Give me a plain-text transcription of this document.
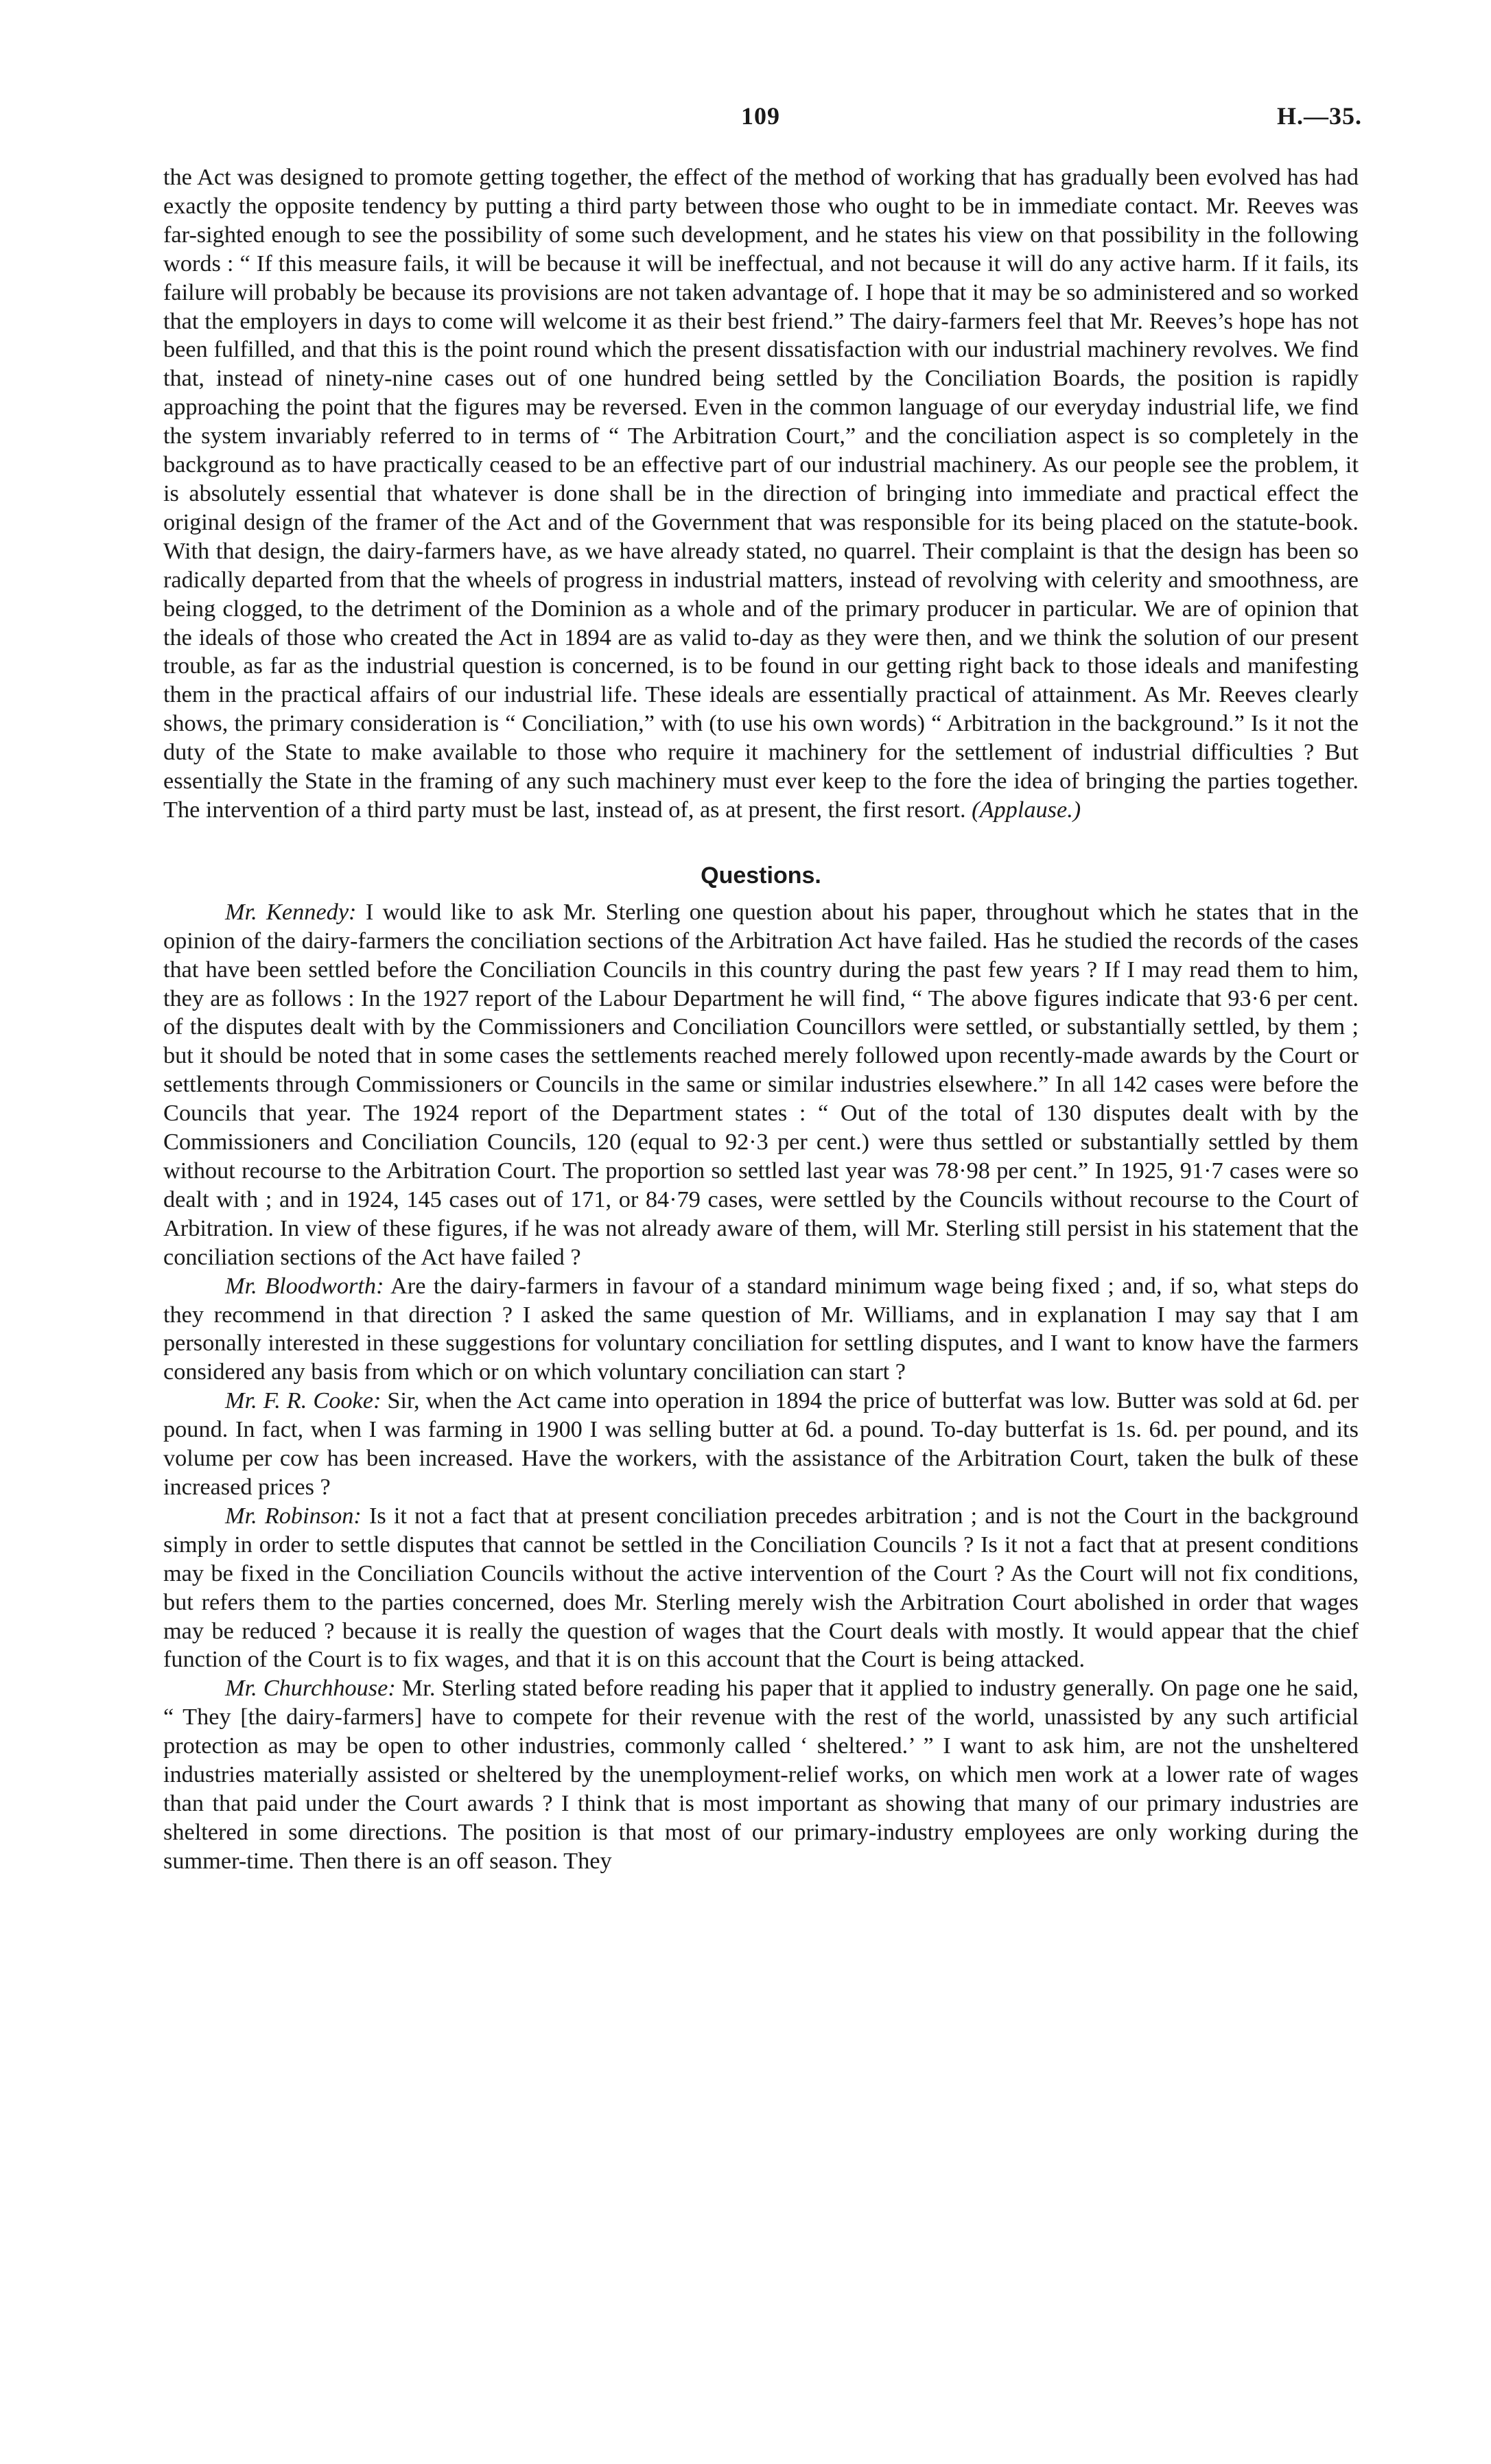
109	H.—35.

the Act was designed to promote getting together, the effect of the method of working that has gradually been evolved has had exactly the opposite tendency by putting a third party between those who ought to be in immediate contact. Mr. Reeves was far-sighted enough to see the possibility of some such development, and he states his view on that possibility in the following words : “ If this measure fails, it will be because it will be ineffectual, and not because it will do any active harm. If it fails, its failure will probably be because its provisions are not taken advantage of. I hope that it may be so administered and so worked that the employers in days to come will welcome it as their best friend.” The dairy-farmers feel that Mr. Reeves’s hope has not been fulfilled, and that this is the point round which the present dissatisfaction with our industrial machinery revolves. We find that, instead of ninety-nine cases out of one hundred being settled by the Conciliation Boards, the position is rapidly approaching the point that the figures may be reversed. Even in the common language of our everyday industrial life, we find the system invariably referred to in terms of “ The Arbitration Court,” and the conciliation aspect is so completely in the background as to have practically ceased to be an effective part of our industrial machinery. As our people see the problem, it is absolutely essential that whatever is done shall be in the direction of bringing into immediate and practical effect the original design of the framer of the Act and of the Government that was responsible for its being placed on the statute-book. With that design, the dairy-farmers have, as we have already stated, no quarrel. Their complaint is that the design has been so radically departed from that the wheels of progress in industrial matters, instead of revolving with celerity and smoothness, are being clogged, to the detriment of the Dominion as a whole and of the primary producer in particular. We are of opinion that the ideals of those who created the Act in 1894 are as valid to-day as they were then, and we think the solution of our present trouble, as far as the industrial question is concerned, is to be found in our getting right back to those ideals and manifesting them in the practical affairs of our industrial life. These ideals are essentially practical of attainment. As Mr. Reeves clearly shows, the primary consideration is “ Conciliation,” with (to use his own words) “ Arbitration in the background.” Is it not the duty of the State to make available to those who require it machinery for the settlement of industrial difficulties ? But essentially the State in the framing of any such machinery must ever keep to the fore the idea of bringing the parties together. The intervention of a third party must be last, instead of, as at present, the first resort. (Applause.)

Questions.

Mr. Kennedy: I would like to ask Mr. Sterling one question about his paper, throughout which he states that in the opinion of the dairy-farmers the conciliation sections of the Arbitration Act have failed. Has he studied the records of the cases that have been settled before the Conciliation Councils in this country during the past few years ? If I may read them to him, they are as follows : In the 1927 report of the Labour Department he will find, “ The above figures indicate that 93·6 per cent. of the disputes dealt with by the Commissioners and Conciliation Councillors were settled, or substantially settled, by them ; but it should be noted that in some cases the settlements reached merely followed upon recently-made awards by the Court or settlements through Commissioners or Councils in the same or similar industries elsewhere.” In all 142 cases were before the Councils that year. The 1924 report of the Department states : “ Out of the total of 130 disputes dealt with by the Commissioners and Conciliation Councils, 120 (equal to 92·3 per cent.) were thus settled or substantially settled by them without recourse to the Arbitration Court. The proportion so settled last year was 78·98 per cent.” In 1925, 91·7 cases were so dealt with ; and in 1924, 145 cases out of 171, or 84·79 cases, were settled by the Councils without recourse to the Court of Arbitration. In view of these figures, if he was not already aware of them, will Mr. Sterling still persist in his statement that the conciliation sections of the Act have failed ?

Mr. Bloodworth: Are the dairy-farmers in favour of a standard minimum wage being fixed ; and, if so, what steps do they recommend in that direction ? I asked the same question of Mr. Williams, and in explanation I may say that I am personally interested in these suggestions for voluntary conciliation for settling disputes, and I want to know have the farmers considered any basis from which or on which voluntary conciliation can start ?

Mr. F. R. Cooke: Sir, when the Act came into operation in 1894 the price of butterfat was low. Butter was sold at 6d. per pound. In fact, when I was farming in 1900 I was selling butter at 6d. a pound. To-day butterfat is 1s. 6d. per pound, and its volume per cow has been increased. Have the workers, with the assistance of the Arbitration Court, taken the bulk of these increased prices ?

Mr. Robinson: Is it not a fact that at present conciliation precedes arbitration ; and is not the Court in the background simply in order to settle disputes that cannot be settled in the Conciliation Councils ? Is it not a fact that at present conditions may be fixed in the Conciliation Councils without the active intervention of the Court ? As the Court will not fix conditions, but refers them to the parties concerned, does Mr. Sterling merely wish the Arbitration Court abolished in order that wages may be reduced ? because it is really the question of wages that the Court deals with mostly. It would appear that the chief function of the Court is to fix wages, and that it is on this account that the Court is being attacked.

Mr. Churchhouse: Mr. Sterling stated before reading his paper that it applied to industry generally. On page one he said, “ They [the dairy-farmers] have to compete for their revenue with the rest of the world, unassisted by any such artificial protection as may be open to other industries, commonly called ‘ sheltered.’ ” I want to ask him, are not the unsheltered industries materially assisted or sheltered by the unemployment-relief works, on which men work at a lower rate of wages than that paid under the Court awards ? I think that is most important as showing that many of our primary industries are sheltered in some directions. The position is that most of our primary-industry employees are only working during the summer-time. Then there is an off season. They
